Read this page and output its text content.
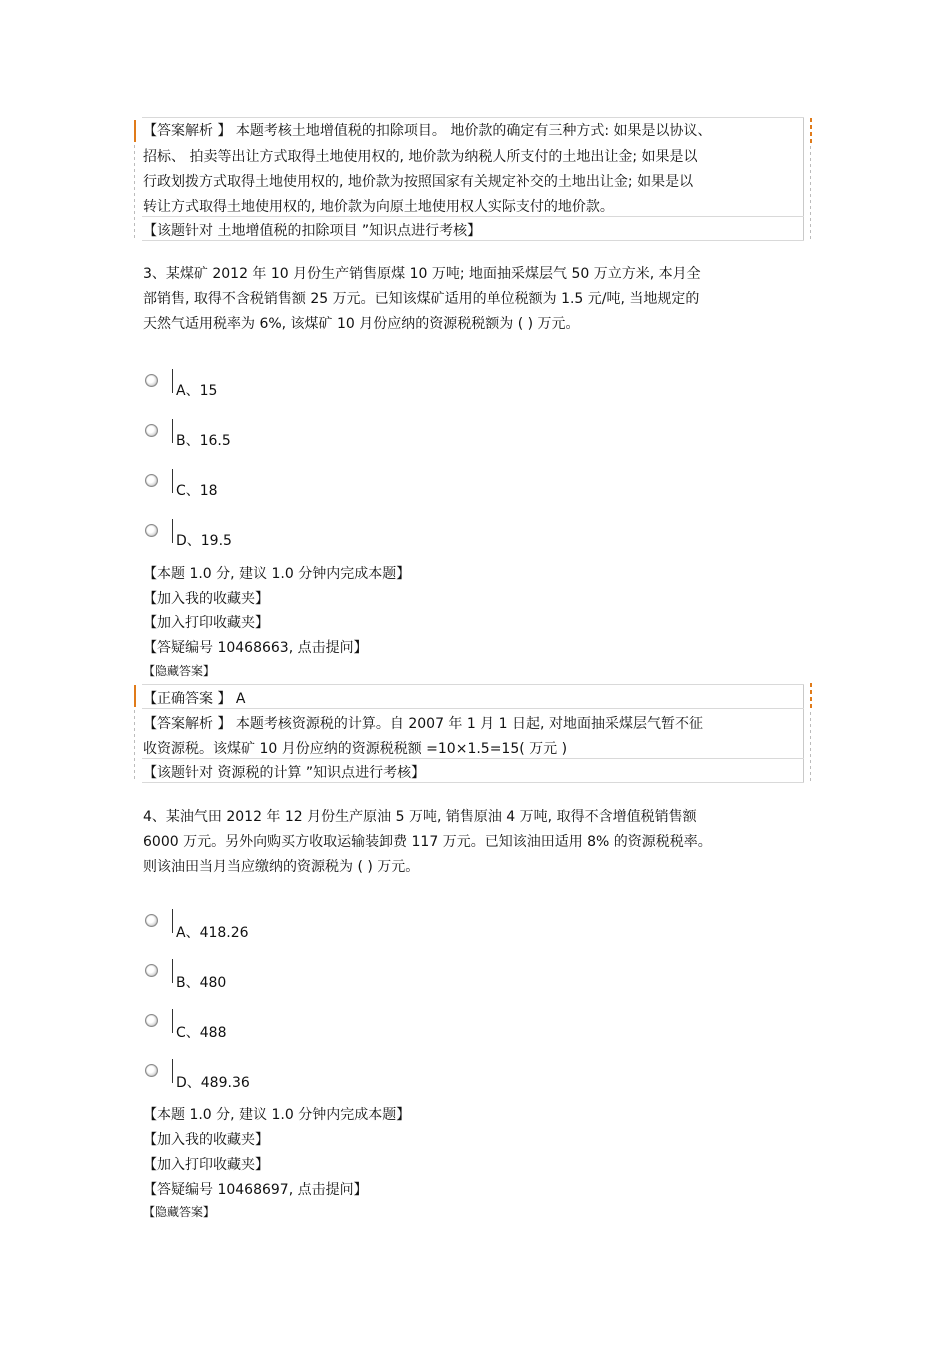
【答案解析 】 本题考核土地增值税的扣除项目。 地价款的确定有三种方式: 如果是以协议、
招标、 拍卖等出让方式取得土地使用权的, 地价款为纳税人所支付的土地出让金; 如果是以
行政划拨方式取得土地使用权的, 地价款为按照国家有关规定补交的土地出让金; 如果是以
转让方式取得土地使用权的, 地价款为向原土地使用权人实际支付的地价款。
【该题针对 土地增值税的扣除项目 ”知识点进行考核】
3、某煤矿 2012 年 10 月份生产销售原煤 10 万吨; 地面抽采煤层气 50 万立方米, 本月全
部销售, 取得不含税销售额 25 万元。已知该煤矿适用的单位税额为 1.5 元/吨, 当地规定的
天然气适用税率为 6%, 该煤矿 10 月份应纳的资源税税额为 ( ) 万元。
A、15
B、16.5
C、18
D、19.5
【本题 1.0 分, 建议 1.0 分钟内完成本题】
【加入我的收藏夹】
【加入打印收藏夹】
【答疑编号 10468663, 点击提问】
【隐藏答案】
【正确答案 】 A
【答案解析 】 本题考核资源税的计算。自 2007 年 1 月 1 日起, 对地面抽采煤层气暂不征
收资源税。该煤矿 10 月份应纳的资源税税额 =10×1.5=15( 万元 )
【该题针对 资源税的计算 ”知识点进行考核】
4、某油气田 2012 年 12 月份生产原油 5 万吨, 销售原油 4 万吨, 取得不含增值税销售额
6000 万元。另外向购买方收取运输装卸费 117 万元。已知该油田适用 8% 的资源税税率。
则该油田当月当应缴纳的资源税为 ( ) 万元。
A、418.26
B、480
C、488
D、489.36
【本题 1.0 分, 建议 1.0 分钟内完成本题】
【加入我的收藏夹】
【加入打印收藏夹】
【答疑编号 10468697, 点击提问】
【隐藏答案】
